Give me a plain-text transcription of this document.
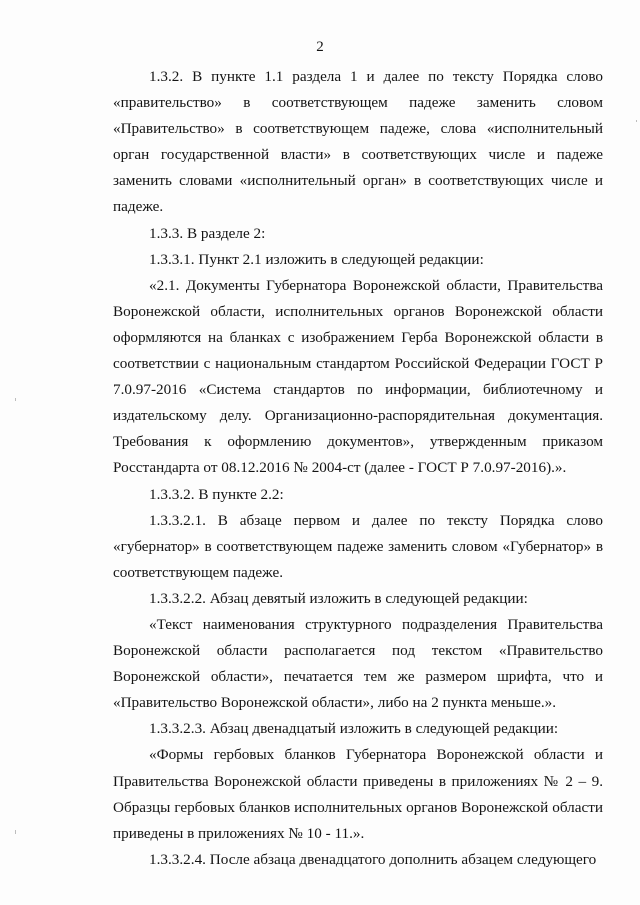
2

1.3.2. В пункте 1.1 раздела 1 и далее по тексту Порядка слово «правительство» в соответствующем падеже заменить словом «Правительство» в соответствующем падеже, слова «исполнительный орган государственной власти» в соответствующих числе и падеже заменить словами «исполнительный орган» в соответствующих числе и падеже.

1.3.3. В разделе 2:

1.3.3.1. Пункт 2.1 изложить в следующей редакции:

«2.1. Документы Губернатора Воронежской области, Правительства Воронежской области, исполнительных органов Воронежской области оформляются на бланках с изображением Герба Воронежской области в соответствии с национальным стандартом Российской Федерации ГОСТ Р 7.0.97-2016 «Система стандартов по информации, библиотечному и издательскому делу. Организационно-распорядительная документация. Требования к оформлению документов», утвержденным приказом Росстандарта от 08.12.2016 № 2004-ст (далее - ГОСТ Р 7.0.97-2016).».

1.3.3.2. В пункте 2.2:

1.3.3.2.1. В абзаце первом и далее по тексту Порядка слово «губернатор» в соответствующем падеже заменить словом «Губернатор» в соответствующем падеже.

1.3.3.2.2. Абзац девятый изложить в следующей редакции:

«Текст наименования структурного подразделения Правительства Воронежской области располагается под текстом «Правительство Воронежской области», печатается тем же размером шрифта, что и «Правительство Воронежской области», либо на 2 пункта меньше.».

1.3.3.2.3. Абзац двенадцатый изложить в следующей редакции:

«Формы гербовых бланков Губернатора Воронежской области и Правительства Воронежской области приведены в приложениях № 2 – 9. Образцы гербовых бланков исполнительных органов Воронежской области приведены в приложениях № 10 - 11.».

1.3.3.2.4. После абзаца двенадцатого дополнить абзацем следующего
